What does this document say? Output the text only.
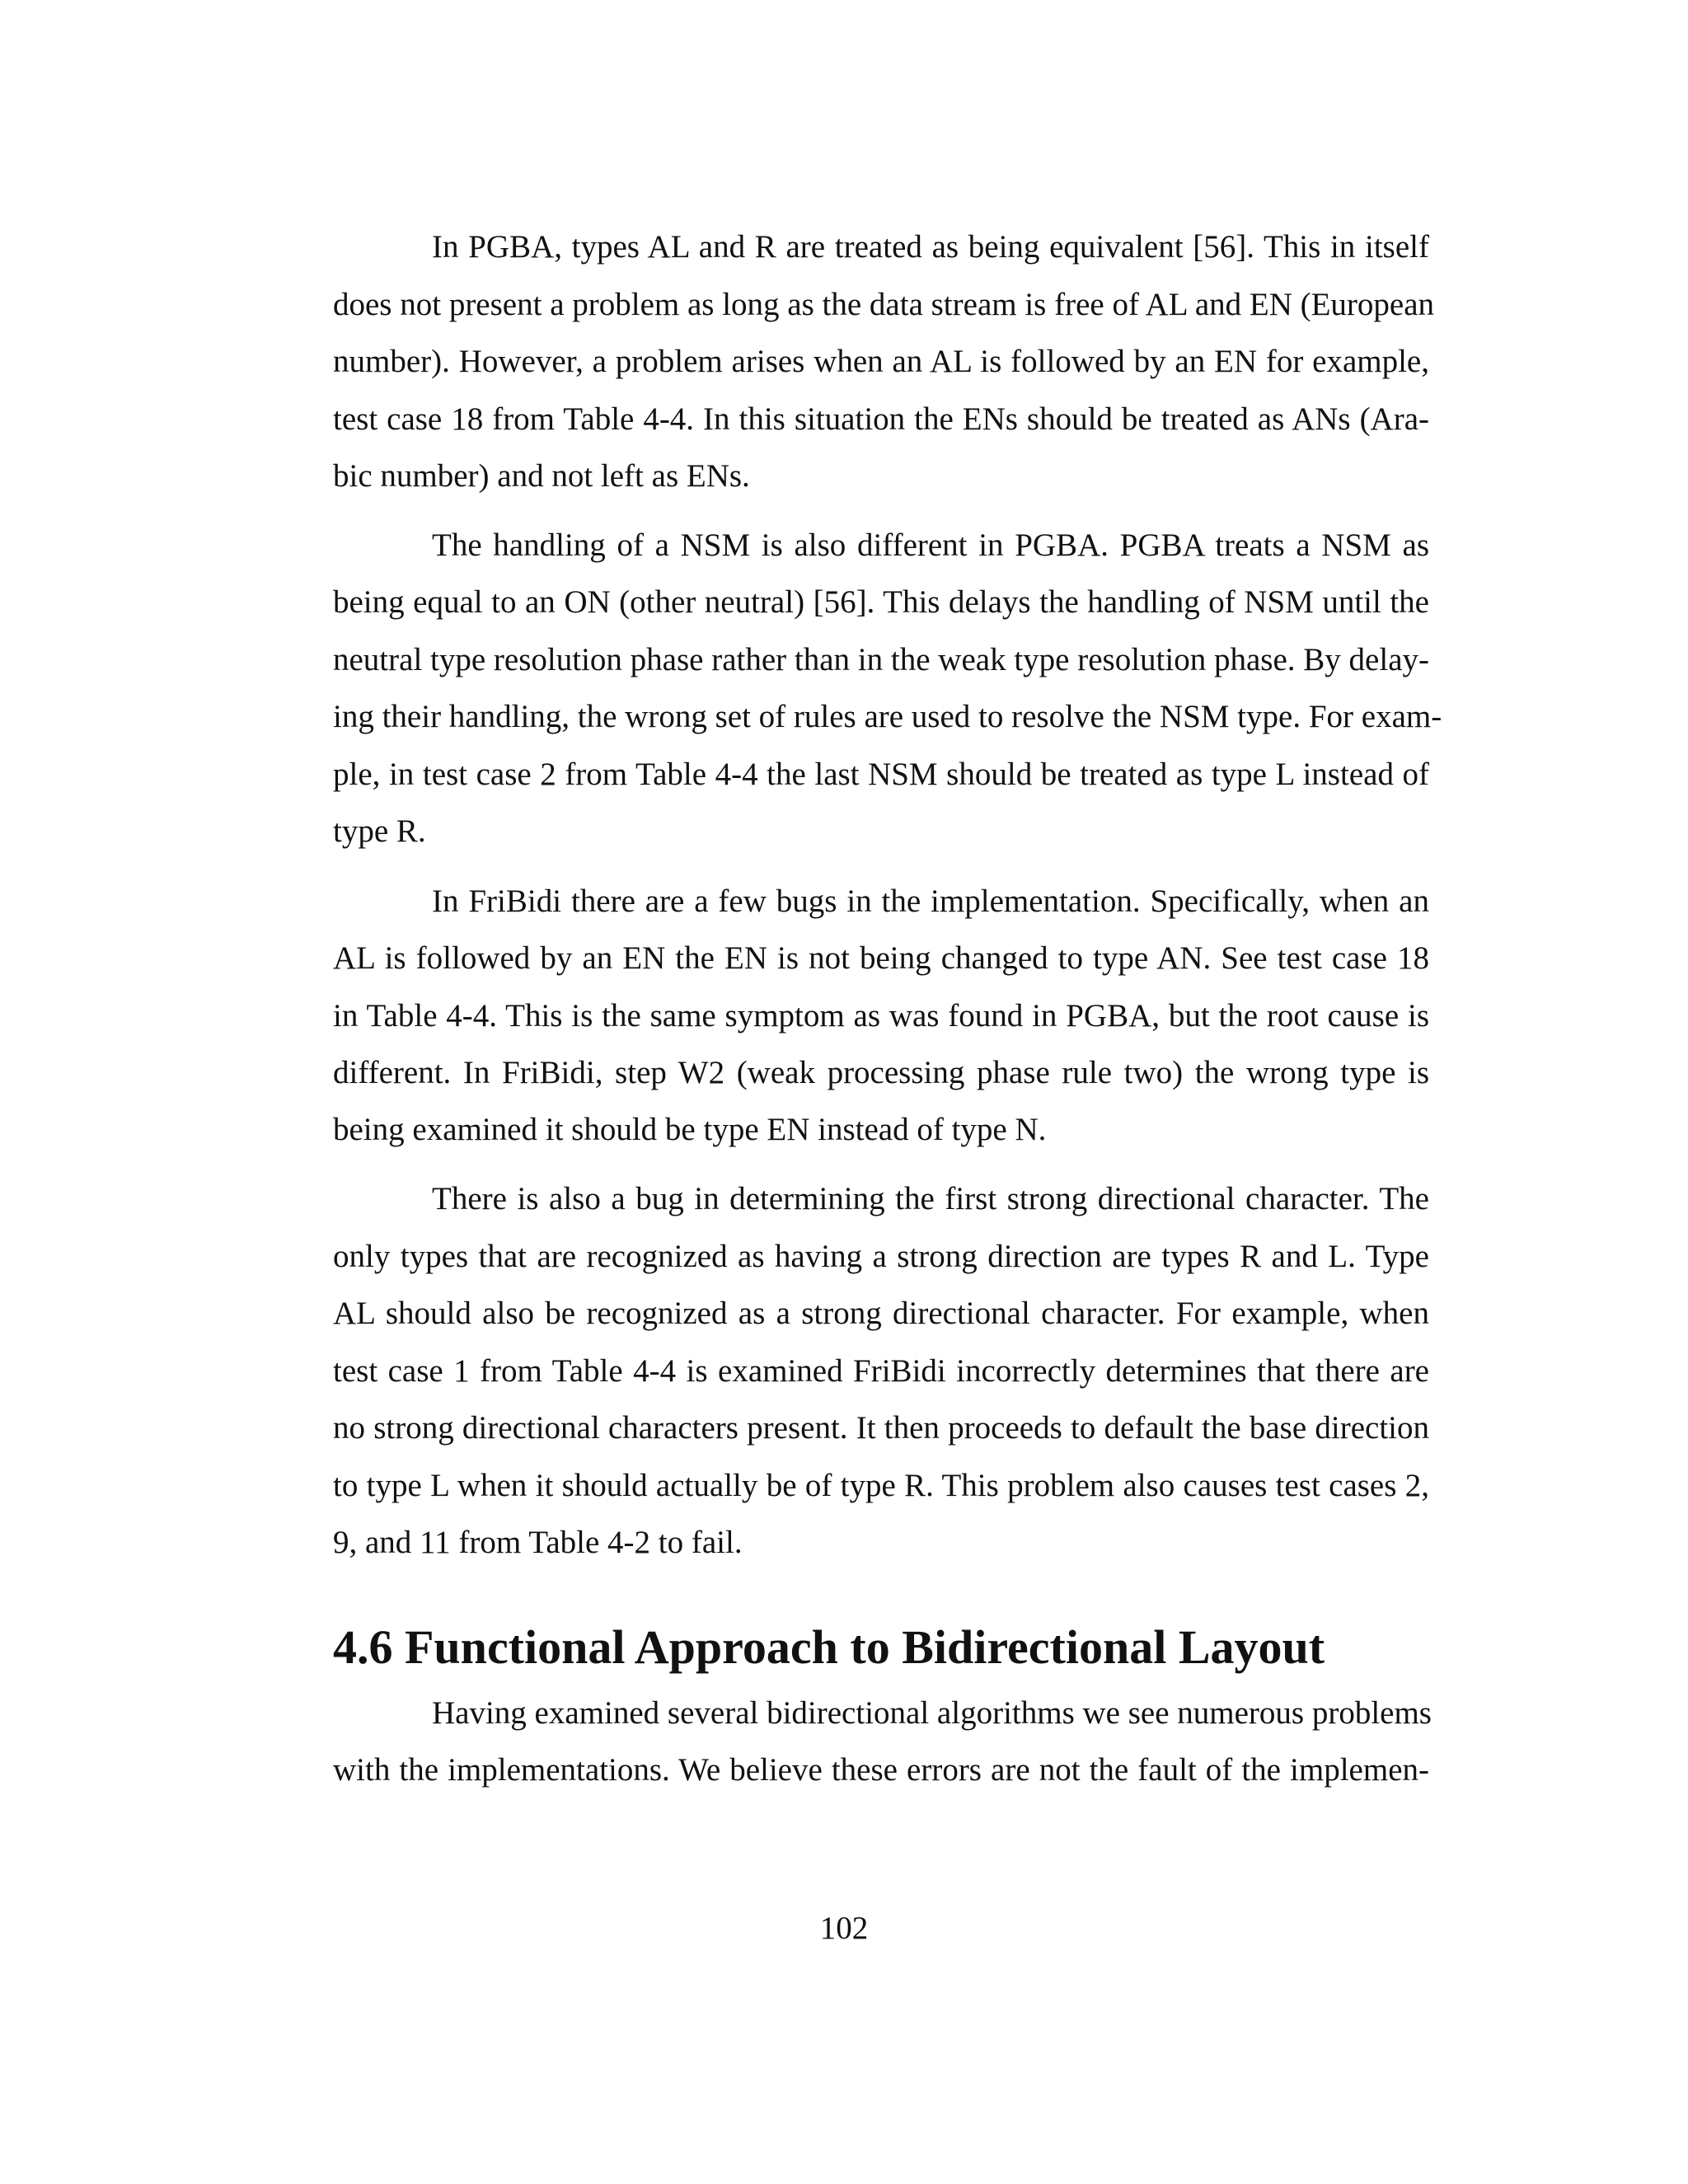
In PGBA, types AL and R are treated as being equivalent [56]. This in itself
does not present a problem as long as the data stream is free of AL and EN (European
number). However, a problem arises when an AL is followed by an EN for example,
test case 18 from Table 4-4. In this situation the ENs should be treated as ANs (Ara-
bic number) and not left as ENs.
The handling of a NSM is also different in PGBA. PGBA treats a NSM as
being equal to an ON (other neutral) [56]. This delays the handling of NSM until the
neutral type resolution phase rather than in the weak type resolution phase. By delay-
ing their handling, the wrong set of rules are used to resolve the NSM type. For exam-
ple, in test case 2 from Table 4-4 the last NSM should be treated as type L instead of
type R.
In FriBidi there are a few bugs in the implementation. Specifically, when an
AL is followed by an EN the EN is not being changed to type AN. See test case 18
in Table 4-4. This is the same symptom as was found in PGBA, but the root cause is
different. In FriBidi, step W2 (weak processing phase rule two) the wrong type is
being examined it should be type EN instead of type N.
There is also a bug in determining the first strong directional character. The
only types that are recognized as having a strong direction are types R and L. Type
AL should also be recognized as a strong directional character. For example, when
test case 1 from Table 4-4 is examined FriBidi incorrectly determines that there are
no strong directional characters present. It then proceeds to default the base direction
to type L when it should actually be of type R. This problem also causes test cases 2,
9, and 11 from Table 4-2 to fail.
4.6 Functional Approach to Bidirectional Layout
Having examined several bidirectional algorithms we see numerous problems
with the implementations. We believe these errors are not the fault of the implemen-
102
